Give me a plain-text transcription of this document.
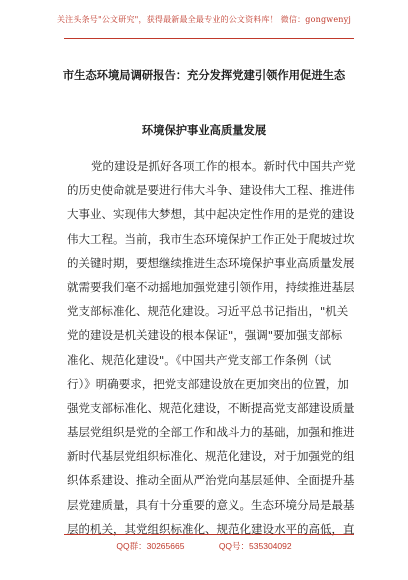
关注头条号"公文研究"，获得最新最全最专业的公文资料库！ 微信：gongwenyj
市生态环境局调研报告：充分发挥党建引领作用促进生态
环境保护事业高质量发展
党的建设是抓好各项工作的根本。新时代中国共产党
的历史使命就是要进行伟大斗争、建设伟大工程、推进伟
大事业、实现伟大梦想，其中起决定性作用的是党的建设
伟大工程。当前，我市生态环境保护工作正处于爬坡过坎
的关键时期，要想继续推进生态环境保护事业高质量发展
就需要我们毫不动摇地加强党建引领作用，持续推进基层
党支部标准化、规范化建设。习近平总书记指出，"机关
党的建设是机关建设的根本保证"，强调"要加强支部标
准化、规范化建设"。《中国共产党支部工作条例（试
行）》明确要求，把党支部建设放在更加突出的位置，加
强党支部标准化、规范化建设，不断提高党支部建设质量
基层党组织是党的全部工作和战斗力的基础，加强和推进
新时代基层党组织标准化、规范化建设，对于加强党的组
织体系建设、推动全面从严治党向基层延伸、全面提升基
层党建质量，具有十分重要的意义。生态环境分局是最基
层的机关，其党组织标准化、规范化建设水平的高低，直
QQ群：30265665	QQ号：535304092
